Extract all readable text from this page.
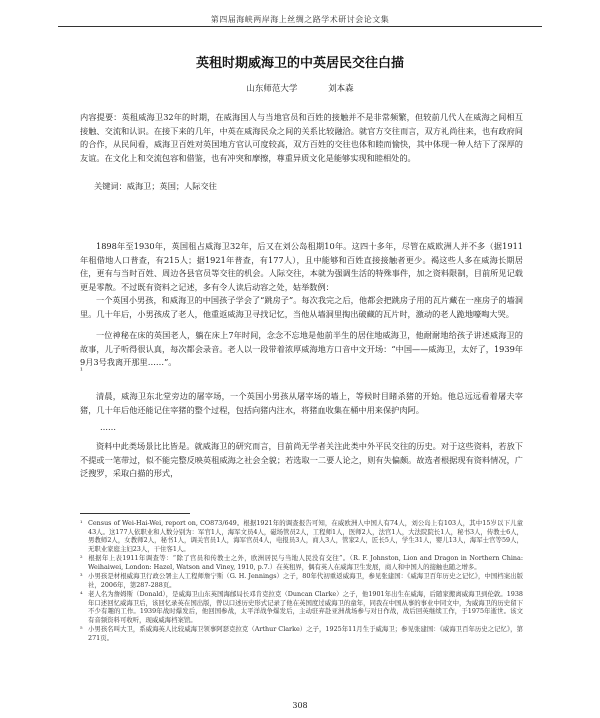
第四届海峡两岸海上丝绸之路学术研讨会论文集
英租时期威海卫的中英居民交往白描
山东师范大学	刘本森

内容提要：英租威海卫32年的时期，在威海国人与当地官员和百姓的接触并不是非常频繁，但较前几代人在威海之间相互接触、交流和认识。在接下来的几年，中英在威海民众之间的关系比较融洽。就官方交往而言，双方礼尚往来，也有政府间的合作，从民间看，威海卫百姓对英国地方官认可度较高，双方百姓的交往也体和睦而愉快，其中体现一种人结下了深厚的友谊。在文化上和交流包容和借鉴，也有冲突和摩擦，尊重异质文化是能够实现和睦相处的。

关键词：威海卫；英国；人际交往

1898年至1930年，英国租占威海卫32年，后又在刘公岛租期10年。这四十多年，尽管在威欧洲人并不多（据1911年租借地人口普查，有215人；据1921年普查，有177人），且中能够和百姓直接接触者更少。褐这些人多在威海长期居住，更有与当时百姓、周边各县官员等交往的机会。人际交往，本就为强调生活的特殊事件，加之资料限制，目前所见记载更是零散。不过既有资料之记述，多有令人读后动容之处，姑举数例：

一个英国小男孩，和威海卫的中国孩子学会了“跳房子”。每次我完之后，他都会把跳房子用的瓦片藏在一座房子的墙洞里。几十年后，小男孩成了老人，他重返威海卫寻找记忆，当他从墙洞里掏出破藏的瓦片时，激动的老人跪地嚎啕大哭。

一位神秘在床的英国老人，躺在床上7年时间，念念不忘地是他前半生的居住地威海卫，他耐耐地给孩子讲述威海卫的故事，儿子听得很认真，每次都会录音。老人以一段带着浓厚威海地方口音中文开场：“中国——威海卫，太好了，1939年9月3号我离开那里……”。

¹

清晨，威海卫东北堂旁边的屠宰场，一个英国小男孩从屠宰场的墙上，等候时目睹杀猪的开始。他总远远看着屠夫宰猪，几十年后他还能记住宰猪的整个过程，包括向猪内注水，将猪血收集在桶中用来保护肉阿。

……

资料中此类场景比比皆是。就威海卫的研究而言，目前尚无学者关注此类中外平民交往的历史。对于这些资料，若放下不提或一笔带过，似不能完整反映英租威海之社会全貌；若选取一二要人论之，则有失偏颇。故选者根据现有资料情况，广泛搜罗，采取白描的形式，

¹ Census of Wei-Hai-Wei, report on, CO873/649。根据1921年的调查报告可知，在威欧洲人中国人有74人，刘公岛上有103人，其中15岁以下儿童43人。这177人依职业和人数分别为：军官1人，海军文员4人，磁场管员2人，工程师1人，医师2人，法官1人，大法院院长1人，秘书3人，传教士6人，男教师2人，女教师2人，秘书1人，调关官员1人，海军官员4人，电报员3人，商人3人，管家2人，匠长5人，学生31人，婴儿13人，海军士官等59人，无职业家庭主妇23人，干住客1人。
² 根据年上表1911年调查等：“除了官员和传教士之外，欧洲居民与当地人民没有交往”。（R. F. Johnston, Lion and Dragon in Northern China: Weihaiwei, London: Hazel, Watson and Viney, 1910, p.7.）在英租界，偶有英人在威海卫生发展，商人和中国人的接触也随之增多。
³ 小男孩是材根威海卫行政公署主人工程师詹宁斯（G. H. Jennings）之子，80年代初重返威海卫，参见张建国：《威海卫百年历史之记忆》，中国档案出版社，2006年，第287-288页。
⁴ 老人名为詹姆斯（Donald），是威海卫山东英国海邮局长邓肯克拉克（Duncan Clarke）之子，他1901年出生在威海，后随家搬离威海卫到伦敦。1938年口述回忆威海卫后，该回忆录英在国出版，曾以口述历史形式记录了他在英国度过威海卫的童年，同我在中国从事的事业中同文中，为威海卫的历史留下不少有趣的工作。1939年战时爆发后，他回国参战，太平洋战争爆发后，主动驻弃赴亚洲战场参与对日作战，战后回英继续工作，于1975年逝世。该文有音频资料可收听，现威威海档案馆。
⁵ 小男孩名叫大卫，系威海英人比较威海卫领事阿瑟克拉克（Arthur Clarke）之子，1925年11月生于威海卫；参见张建国：《威海卫百年历史之记忆》，第271页。
308
